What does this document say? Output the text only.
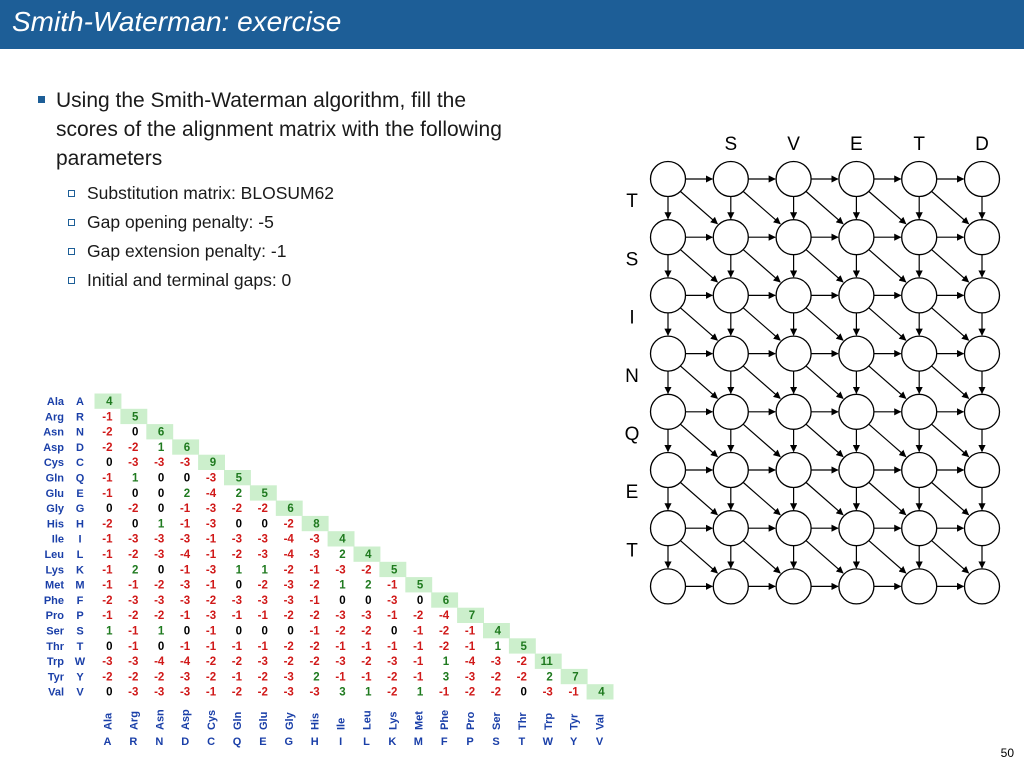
Smith-Waterman: exercise
Using the Smith-Waterman algorithm, fill the scores of the alignment matrix with the following parameters
Substitution matrix: BLOSUM62
Gap opening penalty: -5
Gap extension penalty: -1
Initial and terminal gaps: 0
S	V	E	T	D
T
S
I
N
Q
E
T
Ala A 4
Arg R -1 5
Asn N -2 0 6
Asp D -2 -2 1 6
Cys C 0 -3 -3 -3 9
Gln Q -1 1 0 0 -3 5
Glu E -1 0 0 2 -4 2 5
Gly G 0 -2 0 -1 -3 -2 -2 6
His H -2 0 1 -1 -3 0 0 -2 8
Ile I -1 -3 -3 -3 -1 -3 -3 -4 -3 4
Leu L -1 -2 -3 -4 -1 -2 -3 -4 -3 2 4
Lys K -1 2 0 -1 -3 1 1 -2 -1 -3 -2 5
Met M -1 -1 -2 -3 -1 0 -2 -3 -2 1 2 -1 5
Phe F -2 -3 -3 -3 -2 -3 -3 -3 -1 0 0 -3 0 6
Pro P -1 -2 -2 -1 -3 -1 -1 -2 -2 -3 -3 -1 -2 -4 7
Ser S 1 -1 1 0 -1 0 0 0 -1 -2 -2 0 -1 -2 -1 4
Thr T 0 -1 0 -1 -1 -1 -1 -2 -2 -1 -1 -1 -1 -2 -1 1 5
Trp W -3 -3 -4 -4 -2 -2 -3 -2 -2 -3 -2 -3 -1 1 -4 -3 -2 11
Tyr Y -2 -2 -2 -3 -2 -1 -2 -3 2 -1 -1 -2 -1 3 -3 -2 -2 2 7
Val V 0 -3 -3 -3 -1 -2 -2 -3 -3 3 1 -2 1 -1 -2 -2 0 -3 -1 4
Ala
A
Arg
R
Asn
N
Asp
D
Cys
C
Gln
Q
Glu
E
Gly
G
His
H
Ile
I
Leu
L
Lys
K
Met
M
Phe
F
Pro
P
Ser
S
Thr
T
Trp
W
Tyr
Y
Val
V
50
